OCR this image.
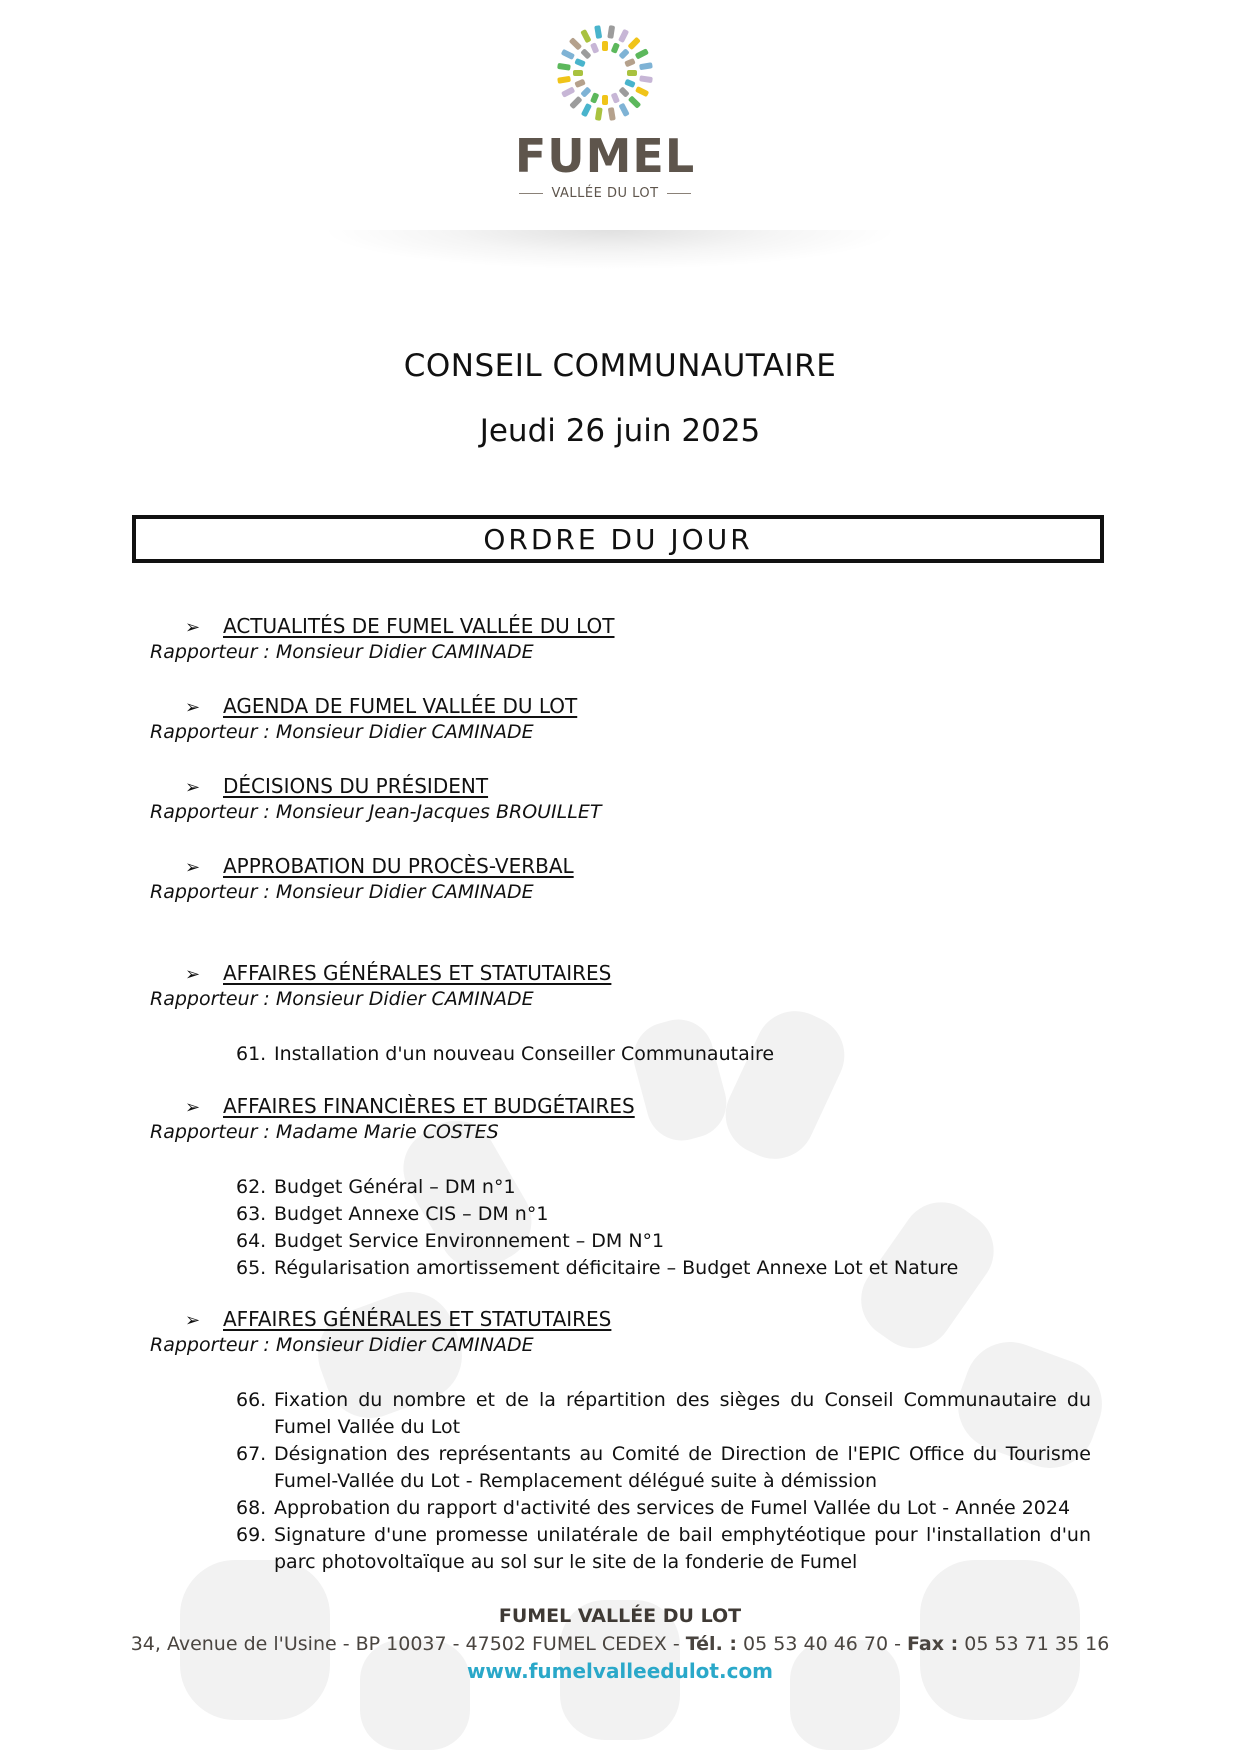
FUMEL
VALLÉE DU LOT
CONSEIL COMMUNAUTAIRE
Jeudi 26 juin 2025
ORDRE DU JOUR
➢ ACTUALITÉS DE FUMEL VALLÉE DU LOT
Rapporteur : Monsieur Didier CAMINADE
➢ AGENDA DE FUMEL VALLÉE DU LOT
Rapporteur : Monsieur Didier CAMINADE
➢ DÉCISIONS DU PRÉSIDENT
Rapporteur : Monsieur Jean-Jacques BROUILLET
➢ APPROBATION DU PROCÈS-VERBAL
Rapporteur : Monsieur Didier CAMINADE
➢ AFFAIRES GÉNÉRALES ET STATUTAIRES
Rapporteur : Monsieur Didier CAMINADE
61. Installation d'un nouveau Conseiller Communautaire
➢ AFFAIRES FINANCIÈRES ET BUDGÉTAIRES
Rapporteur : Madame Marie COSTES
62. Budget Général – DM n°1
63. Budget Annexe CIS – DM n°1
64. Budget Service Environnement – DM N°1
65. Régularisation amortissement déficitaire – Budget Annexe Lot et Nature
➢ AFFAIRES GÉNÉRALES ET STATUTAIRES
Rapporteur : Monsieur Didier CAMINADE
66. Fixation du nombre et de la répartition des sièges du Conseil Communautaire du Fumel Vallée du Lot
67. Désignation des représentants au Comité de Direction de l'EPIC Office du Tourisme Fumel-Vallée du Lot - Remplacement délégué suite à démission
68. Approbation du rapport d'activité des services de Fumel Vallée du Lot - Année 2024
69. Signature d'une promesse unilatérale de bail emphytéotique pour l'installation d'un parc photovoltaïque au sol sur le site de la fonderie de Fumel
FUMEL VALLÉE DU LOT
34, Avenue de l'Usine - BP 10037 - 47502 FUMEL CEDEX - Tél. : 05 53 40 46 70 - Fax : 05 53 71 35 16
www.fumelvalleedulot.com
